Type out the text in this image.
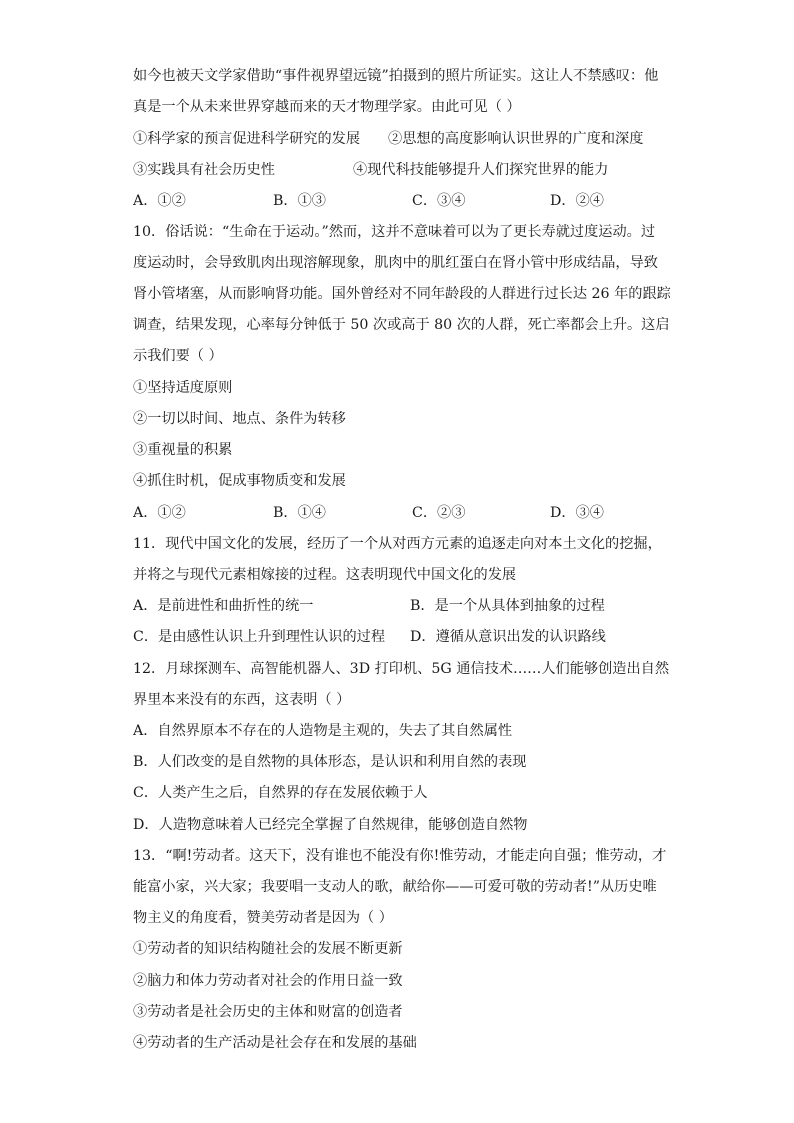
如今也被天文学家借助“事件视界望远镜”拍摄到的照片所证实。这让人不禁感叹：他
真是一个从未来世界穿越而来的天才物理学家。由此可见（ ）
①科学家的预言促进科学研究的发展 ②思想的高度影响认识世界的广度和深度
③实践具有社会历史性	④现代科技能够提升人们探究世界的能力
A．①②	B．①③	C．③④	D．②④
10．俗话说：“生命在于运动。”然而，这并不意味着可以为了更长寿就过度运动。过
度运动时，会导致肌肉出现溶解现象，肌肉中的肌红蛋白在肾小管中形成结晶，导致
肾小管堵塞，从而影响肾功能。国外曾经对不同年龄段的人群进行过长达 26 年的跟踪
调查，结果发现，心率每分钟低于 50 次或高于 80 次的人群，死亡率都会上升。这启
示我们要（ ）
①坚持适度原则
②一切以时间、地点、条件为转移
③重视量的积累
④抓住时机，促成事物质变和发展
A．①②	B．①④	C．②③	D．③④
11．现代中国文化的发展，经历了一个从对西方元素的追逐走向对本土文化的挖掘，
并将之与现代元素相嫁接的过程。这表明现代中国文化的发展
A．是前进性和曲折性的统一	B．是一个从具体到抽象的过程
C．是由感性认识上升到理性认识的过程 D．遵循从意识出发的认识路线
12．月球探测车、高智能机器人、3D 打印机、5G 通信技术……人们能够创造出自然
界里本来没有的东西，这表明（ ）
A．自然界原本不存在的人造物是主观的，失去了其自然属性
B．人们改变的是自然物的具体形态，是认识和利用自然的表现
C．人类产生之后，自然界的存在发展依赖于人
D．人造物意味着人已经完全掌握了自然规律，能够创造自然物
13．“啊!劳动者。这天下，没有谁也不能没有你!惟劳动，才能走向自强；惟劳动，才
能富小家，兴大家；我要唱一支动人的歌，献给你——可爱可敬的劳动者!”从历史唯
物主义的角度看，赞美劳动者是因为（ ）
①劳动者的知识结构随社会的发展不断更新
②脑力和体力劳动者对社会的作用日益一致
③劳动者是社会历史的主体和财富的创造者
④劳动者的生产活动是社会存在和发展的基础
